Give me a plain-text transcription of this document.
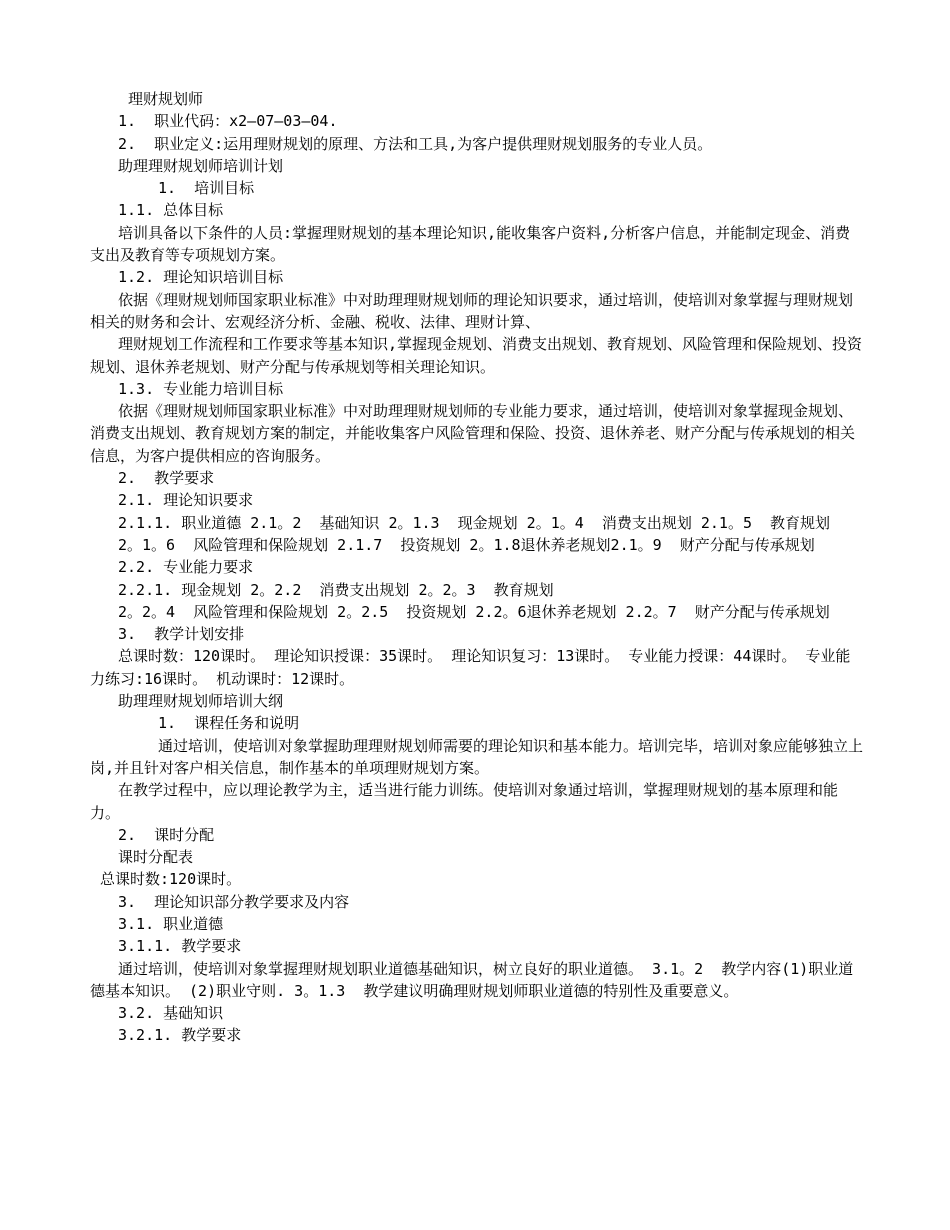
理财规划师
1.  职业代码：x2—07—03—04.
2.  职业定义:运用理财规划的原理、方法和工具,为客户提供理财规划服务的专业人员。
助理理财规划师培训计划
1.  培训目标
1.1. 总体目标
培训具备以下条件的人员:掌握理财规划的基本理论知识,能收集客户资料,分析客户信息，并能制定现金、消费支出及教育等专项规划方案。
1.2. 理论知识培训目标
依据《理财规划师国家职业标准》中对助理理财规划师的理论知识要求，通过培训，使培训对象掌握与理财规划相关的财务和会计、宏观经济分析、金融、税收、法律、理财计算、
理财规划工作流程和工作要求等基本知识,掌握现金规划、消费支出规划、教育规划、风险管理和保险规划、投资规划、退休养老规划、财产分配与传承规划等相关理论知识。
1.3. 专业能力培训目标
依据《理财规划师国家职业标准》中对助理理财规划师的专业能力要求，通过培训，使培训对象掌握现金规划、消费支出规划、教育规划方案的制定，并能收集客户风险管理和保险、投资、退休养老、财产分配与传承规划的相关信息，为客户提供相应的咨询服务。
2.  教学要求
2.1. 理论知识要求
2.1.1. 职业道德 2.1。2  基础知识 2。1.3  现金规划 2。1。4  消费支出规划 2.1。5  教育规划
2。1。6  风险管理和保险规划 2.1.7  投资规划 2。1.8退休养老规划2.1。9  财产分配与传承规划
2.2. 专业能力要求
2.2.1. 现金规划 2。2.2  消费支出规划 2。2。3  教育规划
2。2。4  风险管理和保险规划 2。2.5  投资规划 2.2。6退休养老规划 2.2。7  财产分配与传承规划
3.  教学计划安排
总课时数：120课时。 理论知识授课：35课时。 理论知识复习：13课时。 专业能力授课：44课时。 专业能力练习:16课时。 机动课时：12课时。
助理理财规划师培训大纲
1.  课程任务和说明
通过培训，使培训对象掌握助理理财规划师需要的理论知识和基本能力。培训完毕，培训对象应能够独立上岗,并且针对客户相关信息，制作基本的单项理财规划方案。
在教学过程中，应以理论教学为主，适当进行能力训练。使培训对象通过培训，掌握理财规划的基本原理和能力。
2.  课时分配
课时分配表
总课时数:120课时。
3.  理论知识部分教学要求及内容
3.1. 职业道德
3.1.1. 教学要求
通过培训，使培训对象掌握理财规划职业道德基础知识，树立良好的职业道德。 3.1。2  教学内容(1)职业道德基本知识。 (2)职业守则. 3。1.3  教学建议明确理财规划师职业道德的特别性及重要意义。
3.2. 基础知识
3.2.1. 教学要求
